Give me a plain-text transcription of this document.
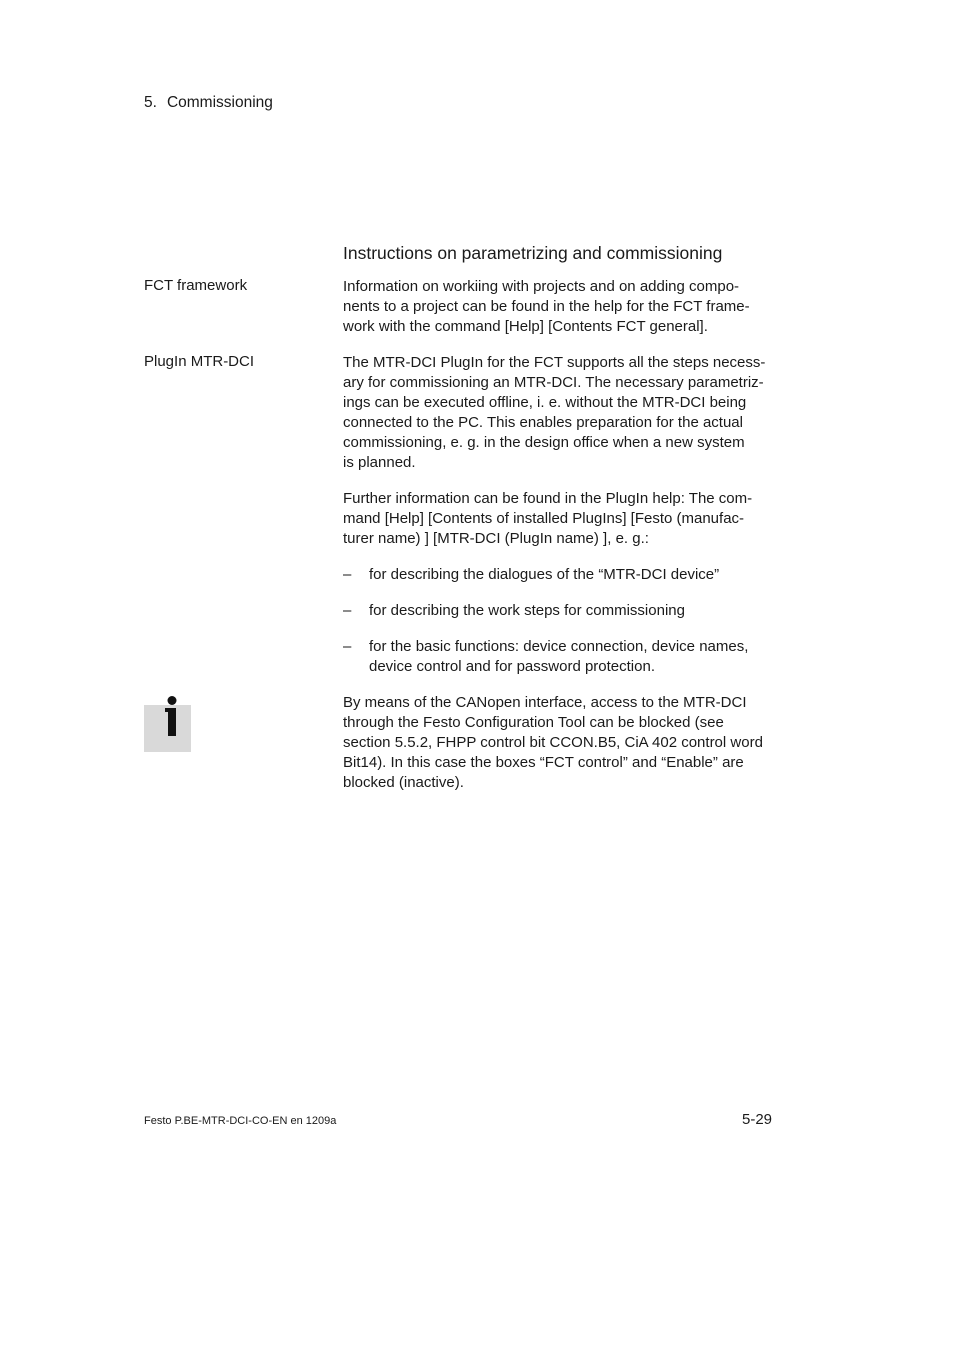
5. Commissioning
Instructions on parametrizing and commissioning
FCT framework	Information on workiing with projects and on adding compo-
nents to a project can be found in the help for the FCT frame-
work with the command [Help] [Contents FCT general].
PlugIn MTR-DCI	The MTR-DCI PlugIn for the FCT supports all the steps necess-
ary for commissioning an MTR-DCI. The necessary parametriz-
ings can be executed offline, i. e. without the MTR-DCI being
connected to the PC. This enables preparation for the actual
commissioning, e. g. in the design office when a new system
is planned.
Further information can be found in the PlugIn help: The com-
mand [Help] [Contents of installed PlugIns] [Festo (manufac-
turer name) ] [MTR-DCI (PlugIn name) ], e. g.:
– for describing the dialogues of the “MTR-DCI device”
– for describing the work steps for commissioning
– for the basic functions: device connection, device names,
device control and for password protection.
By means of the CANopen interface, access to the MTR-DCI
through the Festo Configuration Tool can be blocked (see
section 5.5.2, FHPP control bit CCON.B5, CiA 402 control word
Bit14). In this case the boxes “FCT control” and “Enable” are
blocked (inactive).
Festo P.BE-MTR-DCI-CO-EN en 1209a	5-29
